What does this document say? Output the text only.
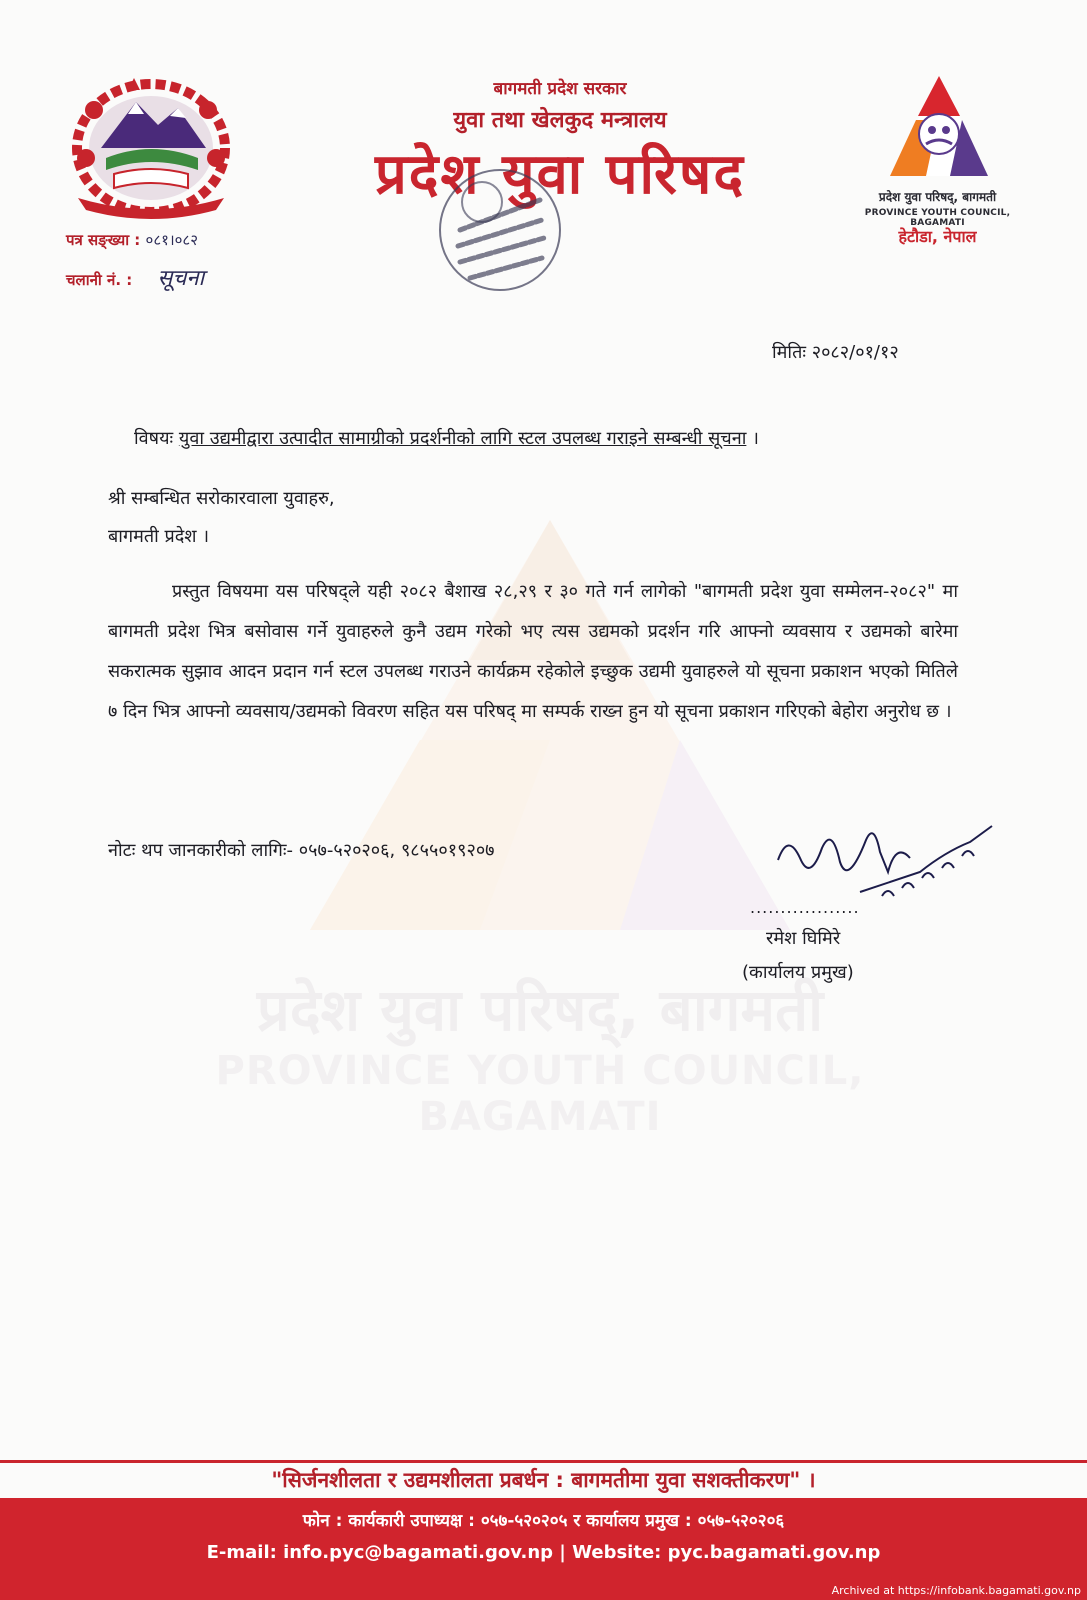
प्रदेश युवा परिषद्, बागमती
PROVINCE YOUTH COUNCIL, BAGAMATI
बागमती प्रदेश सरकार
युवा तथा खेलकुद मन्त्रालय
प्रदेश युवा परिषद	प्रदेश युवा परिषद्, बागमती
PROVINCE YOUTH COUNCIL, BAGAMATI
हेटौडा, नेपाल
पत्र सङ्ख्या : ०८१।०८२
चलानी नं. : सूचना
मितिः २०८२/०१/१२
विषयः युवा उद्यमीद्वारा उत्पादीत सामाग्रीको प्रदर्शनीको लागि स्टल उपलब्ध गराइने सम्बन्धी सूचना ।
श्री सम्बन्धित सरोकारवाला युवाहरु,
बागमती प्रदेश ।
प्रस्तुत विषयमा यस परिषद्ले यही २०८२ बैशाख २८,२९ र ३० गते गर्न लागेको "बागमती प्रदेश युवा सम्मेलन-२०८२" मा बागमती प्रदेश भित्र बसोवास गर्ने युवाहरुले कुनै उद्यम गरेको भए त्यस उद्यमको प्रदर्शन गरि आफ्नो व्यवसाय र उद्यमको बारेमा सकरात्मक सुझाव आदन प्रदान गर्न स्टल उपलब्ध गराउने कार्यक्रम रहेकोले इच्छुक उद्यमी युवाहरुले यो सूचना प्रकाशन भएको मितिले ७ दिन भित्र आफ्नो व्यवसाय/उद्यमको विवरण सहित यस परिषद् मा सम्पर्क राख्न हुन यो सूचना प्रकाशन गरिएको बेहोरा अनुरोध छ ।
नोटः थप जानकारीको लागिः- ०५७-५२०२०६, ९८५५०१९२०७
..................
रमेश घिमिरे
(कार्यालय प्रमुख)
"सिर्जनशीलता र उद्यमशीलता प्रबर्धन : बागमतीमा युवा सशक्तीकरण" ।
फोन : कार्यकारी उपाध्यक्ष : ०५७-५२०२०५ र कार्यालय प्रमुख : ०५७-५२०२०६
E-mail: info.pyc@bagamati.gov.np | Website: pyc.bagamati.gov.np
Archived at https://infobank.bagamati.gov.np
